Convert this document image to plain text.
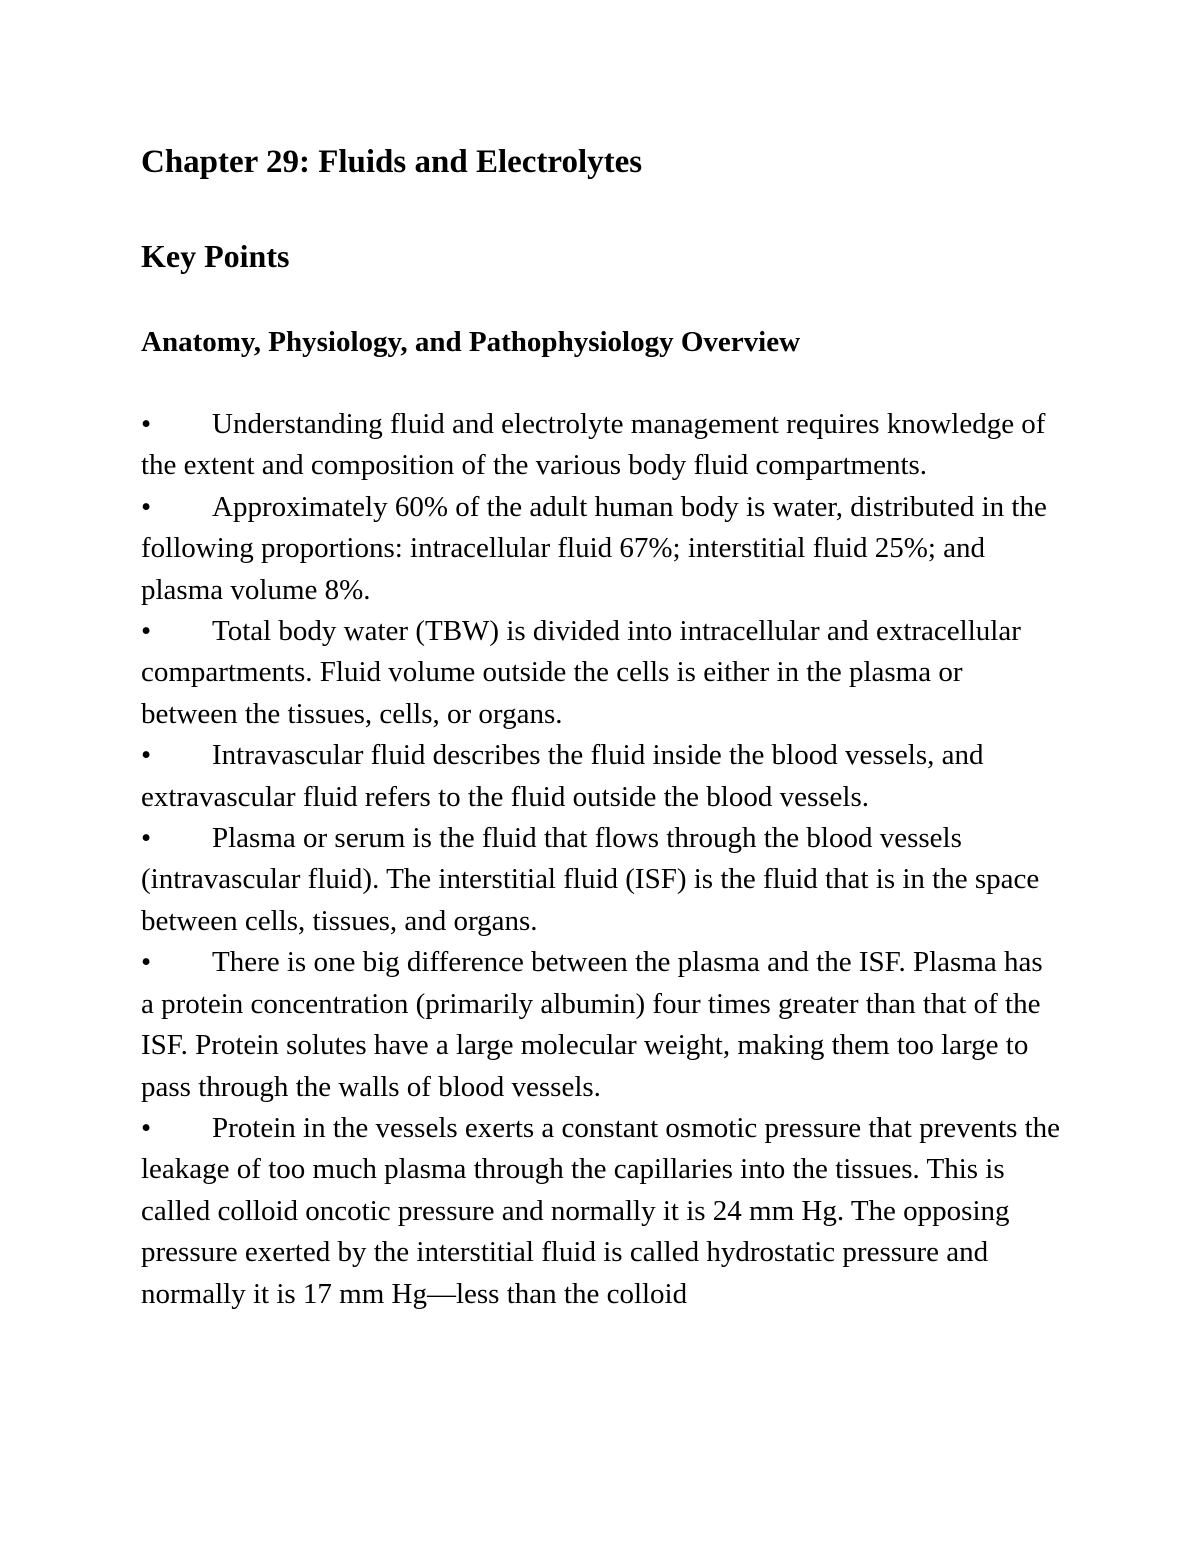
Chapter 29: Fluids and Electrolytes
Key Points
Anatomy, Physiology, and Pathophysiology Overview
• Understanding fluid and electrolyte management requires knowledge of the extent and composition of the various body fluid compartments.
• Approximately 60% of the adult human body is water, distributed in the following proportions: intracellular fluid 67%; interstitial fluid 25%; and plasma volume 8%.
• Total body water (TBW) is divided into intracellular and extracellular compartments. Fluid volume outside the cells is either in the plasma or between the tissues, cells, or organs.
• Intravascular fluid describes the fluid inside the blood vessels, and extravascular fluid refers to the fluid outside the blood vessels.
• Plasma or serum is the fluid that flows through the blood vessels (intravascular fluid). The interstitial fluid (ISF) is the fluid that is in the space between cells, tissues, and organs.
• There is one big difference between the plasma and the ISF. Plasma has a protein concentration (primarily albumin) four times greater than that of the ISF. Protein solutes have a large molecular weight, making them too large to pass through the walls of blood vessels.
• Protein in the vessels exerts a constant osmotic pressure that prevents the leakage of too much plasma through the capillaries into the tissues. This is called colloid oncotic pressure and normally it is 24 mm Hg. The opposing pressure exerted by the interstitial fluid is called hydrostatic pressure and normally it is 17 mm Hg—less than the colloid
